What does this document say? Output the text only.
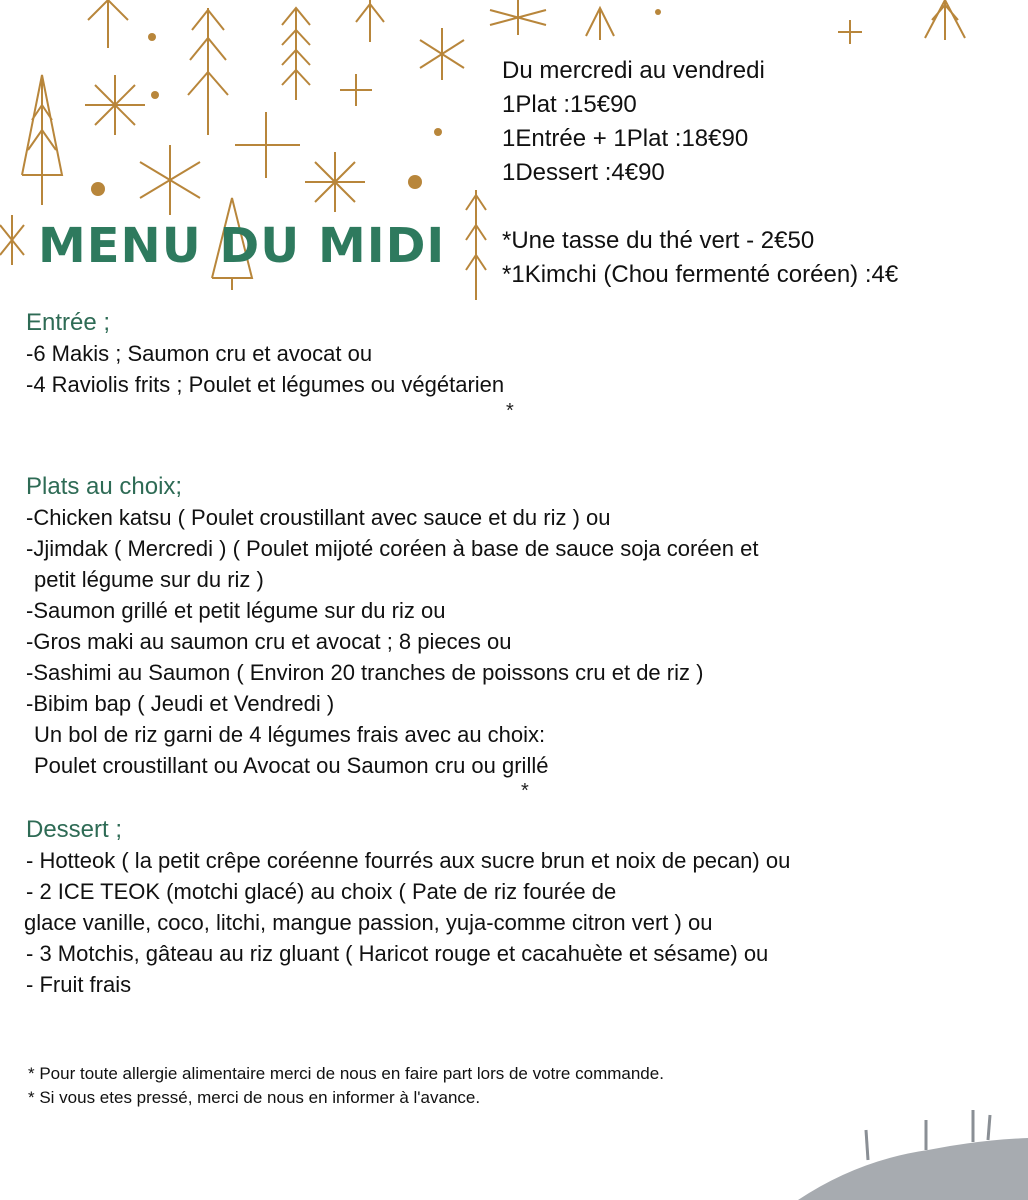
MENU DU MIDI
Du mercredi au vendredi
1Plat :15€90
1Entrée + 1Plat :18€90
1Dessert :4€90
*Une tasse du thé vert - 2€50
*1Kimchi (Chou fermenté coréen) :4€
Entrée ;
-6 Makis ; Saumon cru et avocat ou
-4 Raviolis frits ; Poulet et légumes ou végétarien
*
Plats au choix;
-Chicken katsu ( Poulet croustillant avec sauce et du riz ) ou
-Jjimdak ( Mercredi ) ( Poulet mijoté coréen à base de sauce soja coréen et
petit légume sur du riz )
-Saumon grillé et petit légume sur du riz ou
-Gros maki au saumon cru et avocat ; 8 pieces ou
-Sashimi au Saumon ( Environ 20 tranches de poissons cru et de riz )
-Bibim bap ( Jeudi et Vendredi )
Un bol de riz garni de 4 légumes frais avec au choix:
Poulet croustillant ou Avocat ou Saumon cru ou grillé
*
Dessert ;
- Hotteok ( la petit crêpe coréenne fourrés aux sucre brun et noix de pecan) ou
- 2 ICE TEOK (motchi glacé) au choix ( Pate de riz fourée de
glace vanille, coco, litchi, mangue passion, yuja-comme citron vert ) ou
- 3 Motchis, gâteau au riz gluant ( Haricot rouge et cacahuète et sésame) ou
- Fruit frais
* Pour toute allergie alimentaire merci de nous en faire part lors de votre commande.
* Si vous etes pressé, merci de nous en informer à l'avance.
